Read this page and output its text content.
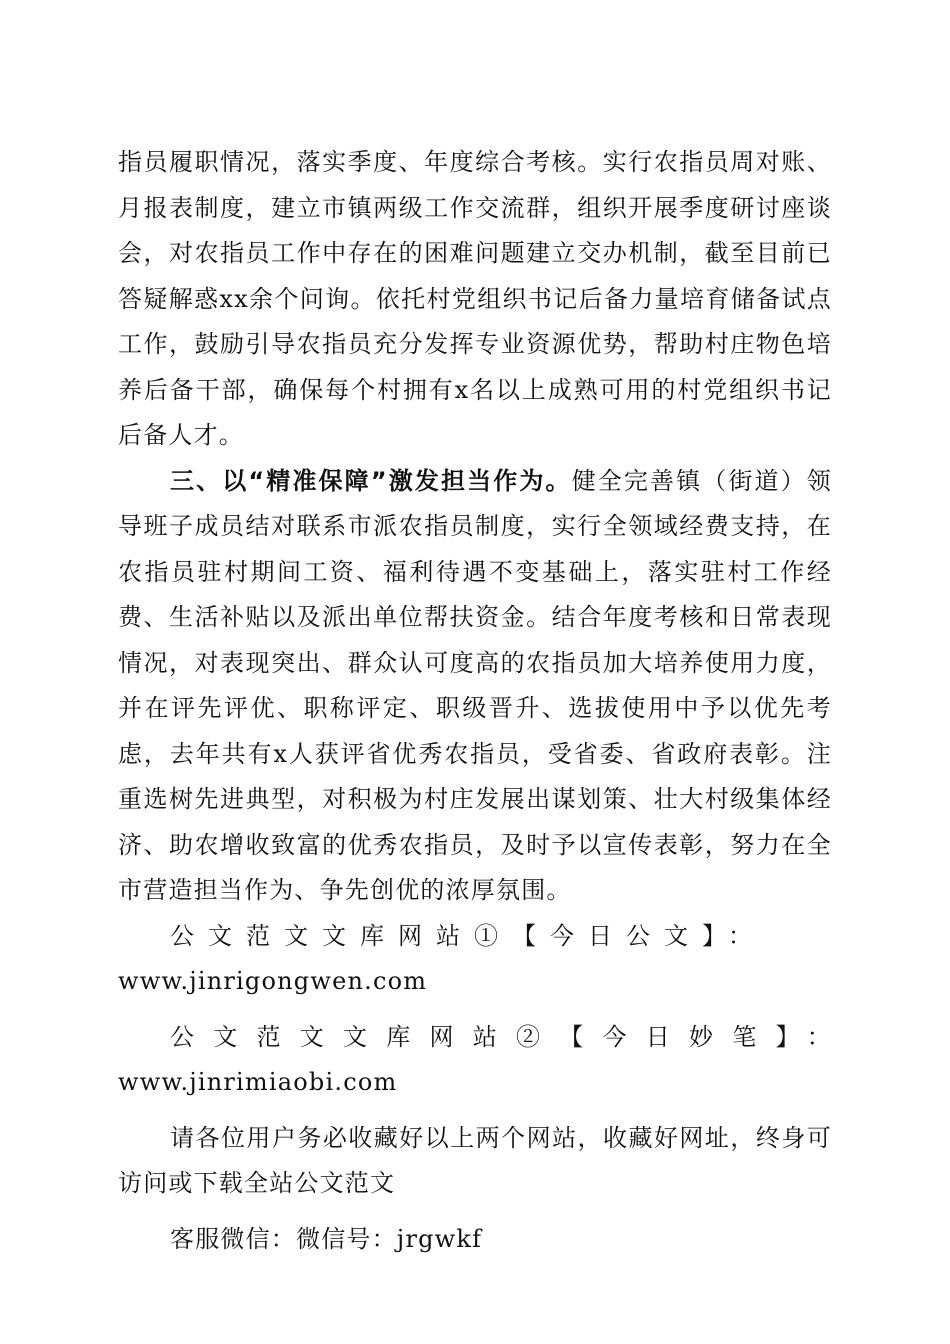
指员履职情况，落实季度、年度综合考核。实行农指员周对账、月报表制度，建立市镇两级工作交流群，组织开展季度研讨座谈会，对农指员工作中存在的困难问题建立交办机制，截至目前已答疑解惑xx余个问询。依托村党组织书记后备力量培育储备试点工作，鼓励引导农指员充分发挥专业资源优势，帮助村庄物色培养后备干部，确保每个村拥有x名以上成熟可用的村党组织书记后备人才。

三、以“精准保障”激发担当作为。健全完善镇（街道）领导班子成员结对联系市派农指员制度，实行全领域经费支持，在农指员驻村期间工资、福利待遇不变基础上，落实驻村工作经费、生活补贴以及派出单位帮扶资金。结合年度考核和日常表现情况，对表现突出、群众认可度高的农指员加大培养使用力度，并在评先评优、职称评定、职级晋升、选拔使用中予以优先考虑，去年共有x人获评省优秀农指员，受省委、省政府表彰。注重选树先进典型，对积极为村庄发展出谋划策、壮大村级集体经济、助农增收致富的优秀农指员，及时予以宣传表彰，努力在全市营造担当作为、争先创优的浓厚氛围。

公文范文文库网站①【今日公文】：

www.jinrigongwen.com

公文范文文库网站②【今日妙笔】：www.jinrimiaobi.com

请各位用户务必收藏好以上两个网站，收藏好网址，终身可访问或下载全站公文范文

客服微信：微信号：jrgwkf
